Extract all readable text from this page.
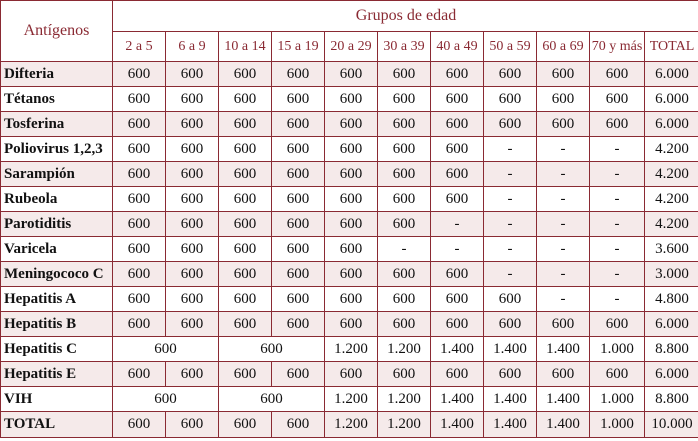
Antígenos	Grupos de edad										
	2 a 5	6 a 9	10 a 14	15 a 19	20 a 29	30 a 39	40 a 49	50 a 59	60 a 69	70 y más	TOTAL
Difteria	600	600	600	600	600	600	600	600	600	600	6.000
Tétanos	600	600	600	600	600	600	600	600	600	600	6.000
Tosferina	600	600	600	600	600	600	600	600	600	600	6.000
Poliovirus 1,2,3	600	600	600	600	600	600	600	-	-	-	4.200
Sarampión	600	600	600	600	600	600	600	-	-	-	4.200
Rubeola	600	600	600	600	600	600	600	-	-	-	4.200
Parotiditis	600	600	600	600	600	600	-	-	-	-	4.200
Varicela	600	600	600	600	600	-	-	-	-	-	3.600
Meningococo C	600	600	600	600	600	600	600	-	-	-	3.000
Hepatitis A	600	600	600	600	600	600	600	600	-	-	4.800
Hepatitis B	600	600	600	600	600	600	600	600	600	600	6.000
Hepatitis C	600		600		1.200	1.200	1.400	1.400	1.400	1.000	8.800
Hepatitis E	600	600	600	600	600	600	600	600	600	600	6.000
VIH	600		600		1.200	1.200	1.400	1.400	1.400	1.000	8.800
TOTAL	600	600	600	600	1.200	1.200	1.400	1.400	1.400	1.000	10.000
